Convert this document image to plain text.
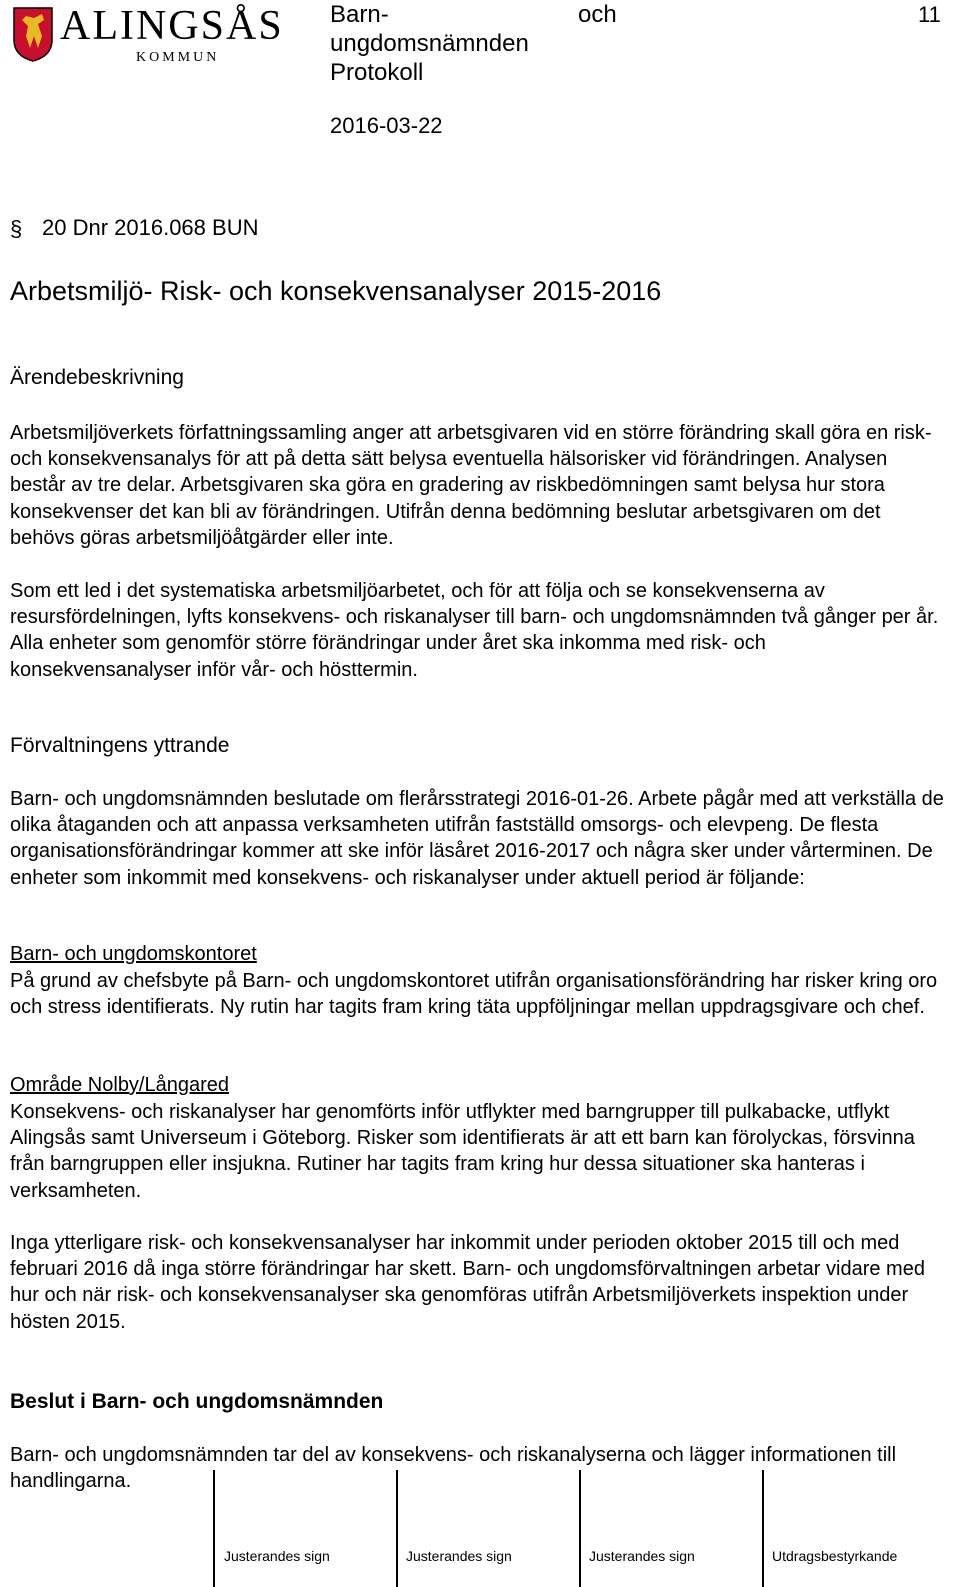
ALINGSÅS
KOMMUN
Barn-
ungdomsnämnden
Protokoll
och	11
2016-03-22
§ 20 Dnr 2016.068 BUN
Arbetsmiljö- Risk- och konsekvensanalyser 2015-2016
Ärendebeskrivning

Arbetsmiljöverkets författningssamling anger att arbetsgivaren vid en större förändring skall göra en risk- och konsekvensanalys för att på detta sätt belysa eventuella hälsorisker vid förändringen. Analysen består av tre delar. Arbetsgivaren ska göra en gradering av riskbedömningen samt belysa hur stora konsekvenser det kan bli av förändringen. Utifrån denna bedömning beslutar arbetsgivaren om det behövs göras arbetsmiljöåtgärder eller inte.

Som ett led i det systematiska arbetsmiljöarbetet, och för att följa och se konsekvenserna av resursfördelningen, lyfts konsekvens- och riskanalyser till barn- och ungdomsnämnden två gånger per år. Alla enheter som genomför större förändringar under året ska inkomma med risk- och konsekvensanalyser inför vår- och hösttermin.

Förvaltningens yttrande

Barn- och ungdomsnämnden beslutade om flerårsstrategi 2016-01-26. Arbete pågår med att verkställa de olika åtaganden och att anpassa verksamheten utifrån fastställd omsorgs- och elevpeng. De flesta organisationsförändringar kommer att ske inför läsåret 2016-2017 och några sker under vårterminen. De enheter som inkommit med konsekvens- och riskanalyser under aktuell period är följande:

Barn- och ungdomskontoret

På grund av chefsbyte på Barn- och ungdomskontoret utifrån organisationsförändring har risker kring oro och stress identifierats. Ny rutin har tagits fram kring täta uppföljningar mellan uppdragsgivare och chef.

Område Nolby/Långared

Konsekvens- och riskanalyser har genomförts inför utflykter med barngrupper till pulkabacke, utflykt Alingsås samt Universeum i Göteborg. Risker som identifierats är att ett barn kan förolyckas, försvinna från barngruppen eller insjukna. Rutiner har tagits fram kring hur dessa situationer ska hanteras i verksamheten.

Inga ytterligare risk- och konsekvensanalyser har inkommit under perioden oktober 2015 till och med februari 2016 då inga större förändringar har skett. Barn- och ungdomsförvaltningen arbetar vidare med hur och när risk- och konsekvensanalyser ska genomföras utifrån Arbetsmiljöverkets inspektion under hösten 2015.

Beslut i Barn- och ungdomsnämnden

Barn- och ungdomsnämnden tar del av konsekvens- och riskanalyserna och lägger informationen till handlingarna.

Justerandes sign	Justerandes sign	Justerandes sign	Utdragsbestyrkande
